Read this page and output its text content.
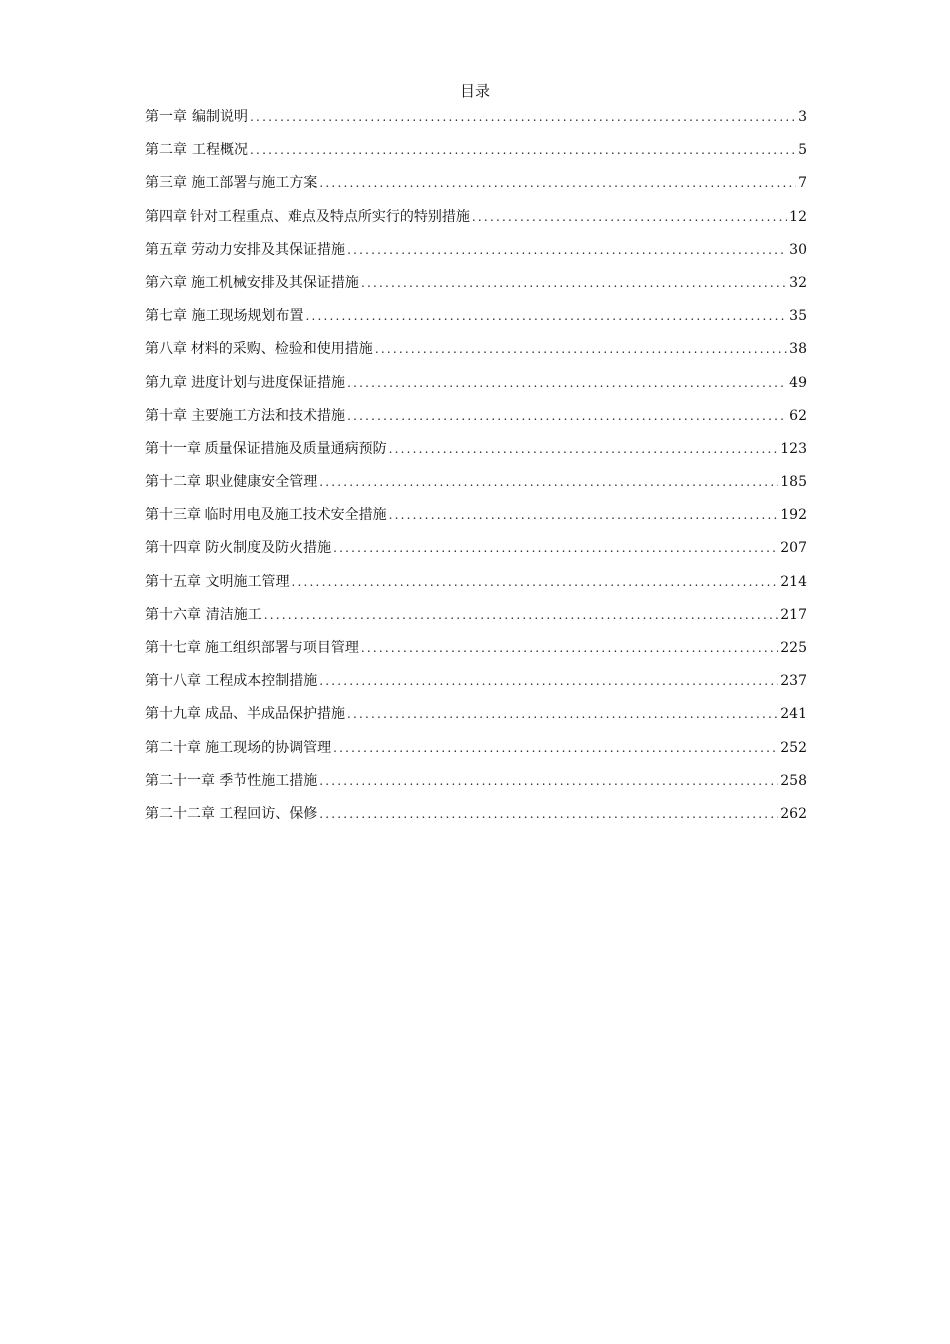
目录
第一章 编制说明 .....	3
第二章 工程概况 .....	5
第三章 施工部署与施工方案 .....	7
第四章 针对工程重点、难点及特点所实行的特别措施 .....	12
第五章 劳动力安排及其保证措施 .....	30
第六章 施工机械安排及其保证措施 .....	32
第七章 施工现场规划布置 .....	35
第八章 材料的采购、检验和使用措施 .....	38
第九章 进度计划与进度保证措施 .....	49
第十章 主要施工方法和技术措施 .....	62
第十一章 质量保证措施及质量通病预防 .....	123
第十二章 职业健康安全管理 .....	185
第十三章 临时用电及施工技术安全措施 .....	192
第十四章 防火制度及防火措施 .....	207
第十五章 文明施工管理 .....	214
第十六章 清洁施工 .....	217
第十七章 施工组织部署与项目管理 .....	225
第十八章 工程成本控制措施 .....	237
第十九章 成品、半成品保护措施 .....	241
第二十章 施工现场的协调管理 .....	252
第二十一章 季节性施工措施 .....	258
第二十二章 工程回访、保修 .....	262
